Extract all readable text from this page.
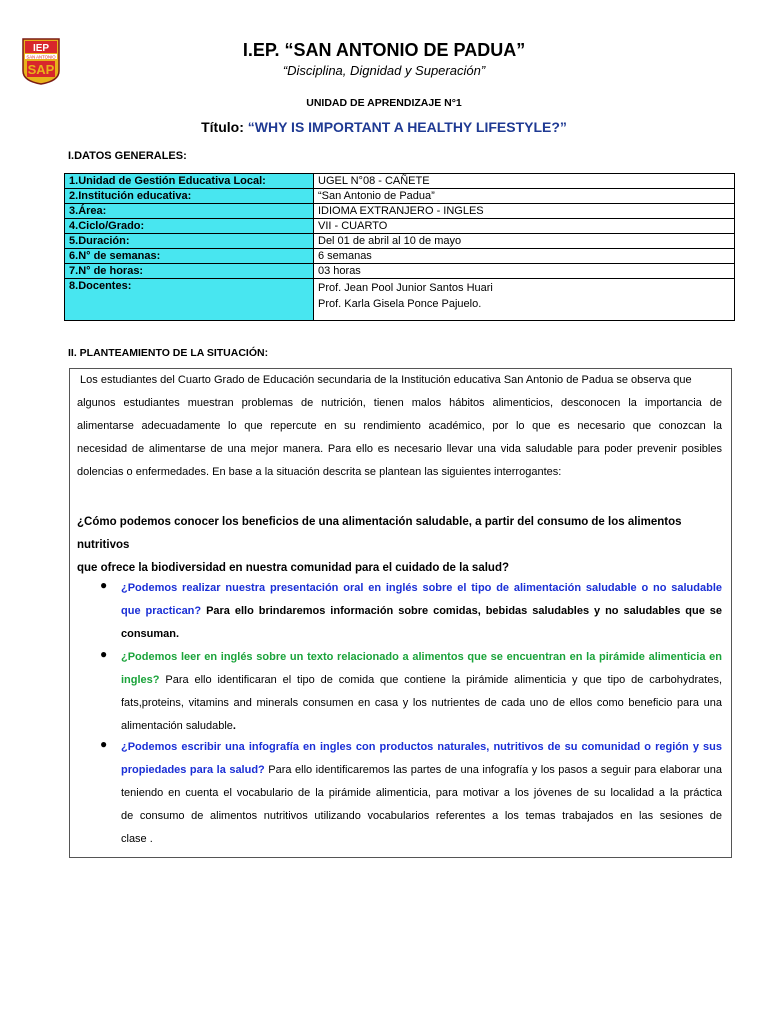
IEP
SAN ANTONIO
SAP
I.EP. “SAN ANTONIO DE PADUA”
“Disciplina, Dignidad y Superación”
UNIDAD DE APRENDIZAJE N°1
Título: “WHY IS IMPORTANT A HEALTHY LIFESTYLE?”
I.DATOS GENERALES:
1.Unidad de Gestión Educativa Local:	UGEL N°08 - CAÑETE
2.Institución educativa:	“San Antonio de Padua”
3.Área:	IDIOMA EXTRANJERO - INGLES
4.Ciclo/Grado:	VII - CUARTO
5.Duración:	Del 01 de abril al 10 de mayo
6.N° de semanas:	6 semanas
7.N° de horas:	03 horas
8.Docentes:	Prof. Jean Pool Junior Santos Huari
Prof. Karla Gisela Ponce Pajuelo.
II. PLANTEAMIENTO DE LA SITUACIÓN:
Los estudiantes del Cuarto Grado de Educación secundaria de la Institución educativa San Antonio de Padua se observa que
algunos estudiantes muestran problemas de nutrición, tienen malos hábitos alimenticios, desconocen la importancia de
alimentarse adecuadamente lo que repercute en su rendimiento académico, por lo que es necesario que conozcan la
necesidad de alimentarse de una mejor manera. Para ello es necesario llevar una vida saludable para poder prevenir posibles
dolencias o enfermedades. En base a la situación descrita se plantean las siguientes interrogantes:
¿Cómo podemos conocer los beneficios de una alimentación saludable, a partir del consumo de los alimentos nutritivos
que ofrece la biodiversidad en nuestra comunidad para el cuidado de la salud?
● ¿Podemos realizar nuestra presentación oral en inglés sobre el tipo de alimentación saludable o no saludable
que practican? Para ello brindaremos información sobre comidas, bebidas saludables y no saludables que se
consuman.
● ¿Podemos leer en inglés sobre un texto relacionado a alimentos que se encuentran en la pirámide alimenticia en
ingles? Para ello identificaran el tipo de comida que contiene la pirámide alimenticia y que tipo de carbohydrates,
fats,proteins, vitamins and minerals consumen en casa y los nutrientes de cada uno de ellos como beneficio para una
alimentación saludable.
● ¿Podemos escribir una infografía en ingles con productos naturales, nutritivos de su comunidad o región y sus
propiedades para la salud? Para ello identificaremos las partes de una infografía y los pasos a seguir para elaborar una
teniendo en cuenta el vocabulario de la pirámide alimenticia, para motivar a los jóvenes de su localidad a la práctica
de consumo de alimentos nutritivos utilizando vocabularios referentes a los temas trabajados en las sesiones de
clase .
